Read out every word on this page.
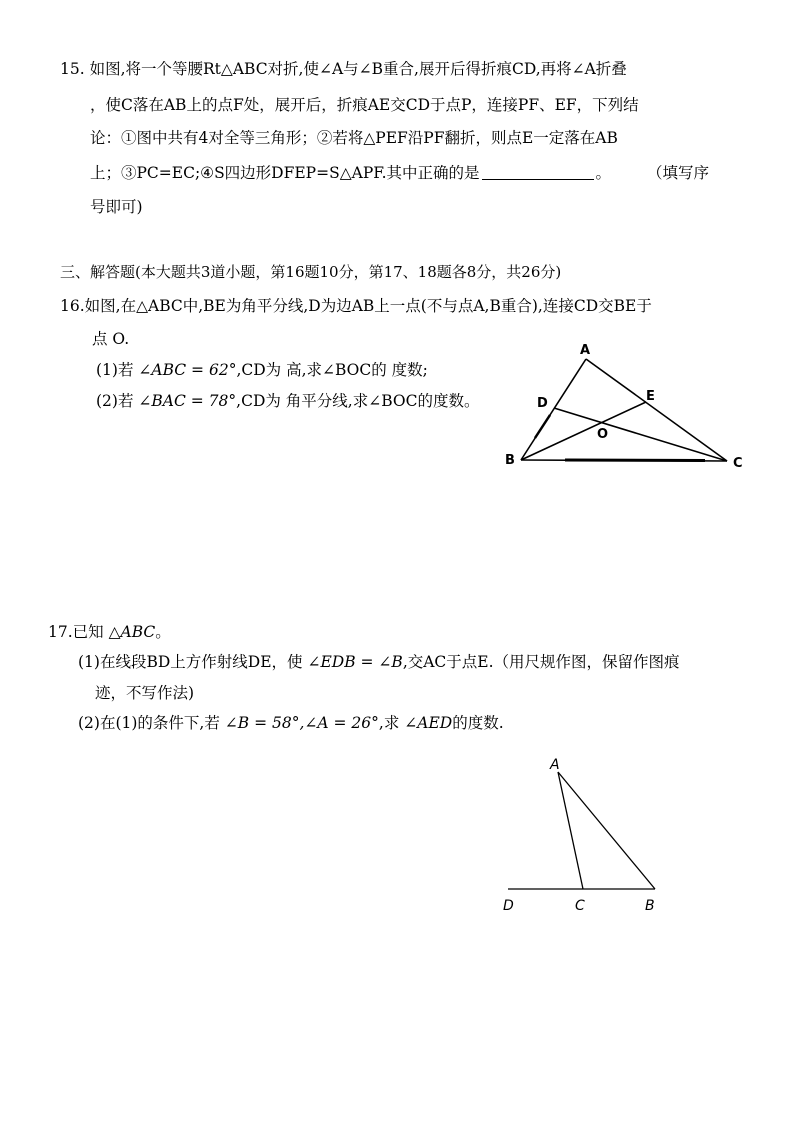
15. 如图,将一个等腰Rt△ABC对折,使∠A与∠B重合,展开后得折痕CD,再将∠A折叠
，使C落在AB上的点F处，展开后，折痕AE交CD于点P，连接PF、EF，下列结
论：①图中共有4对全等三角形；②若将△PEF沿PF翻折，则点E一定落在AB
上；③PC=EC;④S四边形DFEP=S△APF.其中正确的是	。 （填写序
号即可)
三、解答题(本大题共3道小题，第16题10分，第17、18题各8分，共26分)
16.如图,在△ABC中,BE为角平分线,D为边AB上一点(不与点A,B重合),连接CD交BE于
点 O.
(1)若 ∠ABC = 62°,CD为 高,求∠BOC的 度数;
(2)若 ∠BAC = 78°,CD为 角平分线,求∠BOC的度数。
A
B	C
D	E
O
17.已知 △ABC。
(1)在线段BD上方作射线DE，使 ∠EDB = ∠B,交AC于点E.（用尺规作图，保留作图痕
迹，不写作法)
(2)在(1)的条件下,若 ∠B = 58°,∠A = 26°,求 ∠AED的度数.
A
D	C	B
